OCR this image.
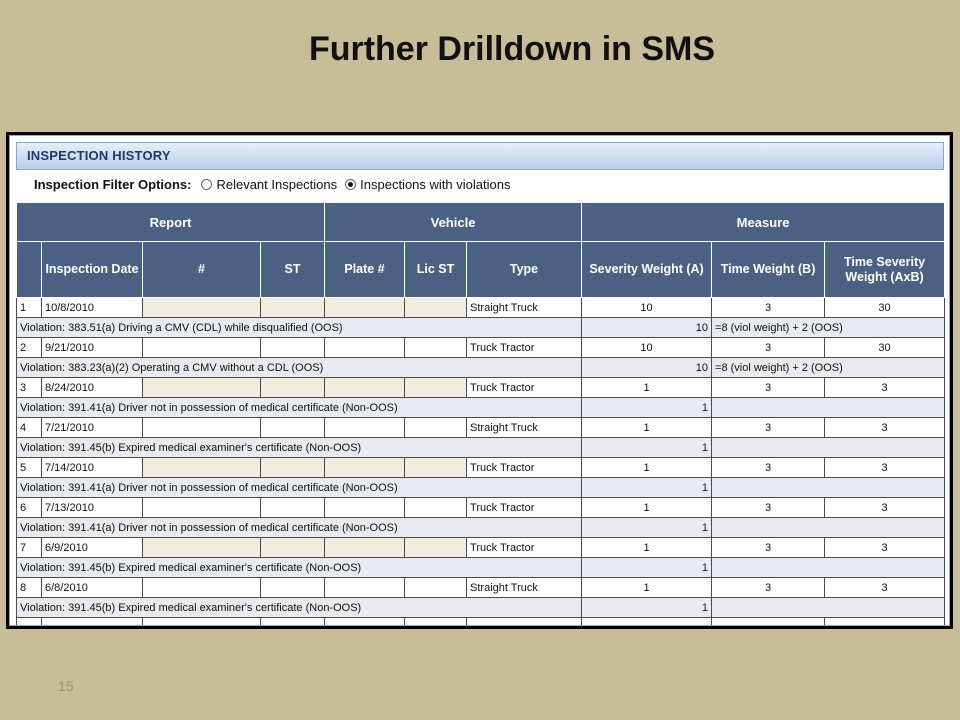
Further Drilldown in SMS
INSPECTION HISTORY
Inspection Filter Options: Relevant Inspections Inspections with violations
Report				Vehicle			Measure		
	Inspection Date	#	ST	Plate #	Lic ST	Type	Severity Weight (A)	Time Weight (B)	Time Severity Weight (AxB)
1	10/8/2010					Straight Truck	10	3	30
Violation: 383.51(a) Driving a CMV (CDL) while disqualified (OOS)							10	=8 (viol weight) + 2 (OOS)	
2	9/21/2010					Truck Tractor	10	3	30
Violation: 383.23(a)(2) Operating a CMV without a CDL (OOS)							10	=8 (viol weight) + 2 (OOS)	
3	8/24/2010					Truck Tractor	1	3	3
Violation: 391.41(a) Driver not in possession of medical certificate (Non-OOS)							1		
4	7/21/2010					Straight Truck	1	3	3
Violation: 391.45(b) Expired medical examiner's certificate (Non-OOS)							1		
5	7/14/2010					Truck Tractor	1	3	3
Violation: 391.41(a) Driver not in possession of medical certificate (Non-OOS)							1		
6	7/13/2010					Truck Tractor	1	3	3
Violation: 391.41(a) Driver not in possession of medical certificate (Non-OOS)							1		
7	6/9/2010					Truck Tractor	1	3	3
Violation: 391.45(b) Expired medical examiner's certificate (Non-OOS)							1		
8	6/8/2010					Straight Truck	1	3	3
Violation: 391.45(b) Expired medical examiner's certificate (Non-OOS)							1		

15
